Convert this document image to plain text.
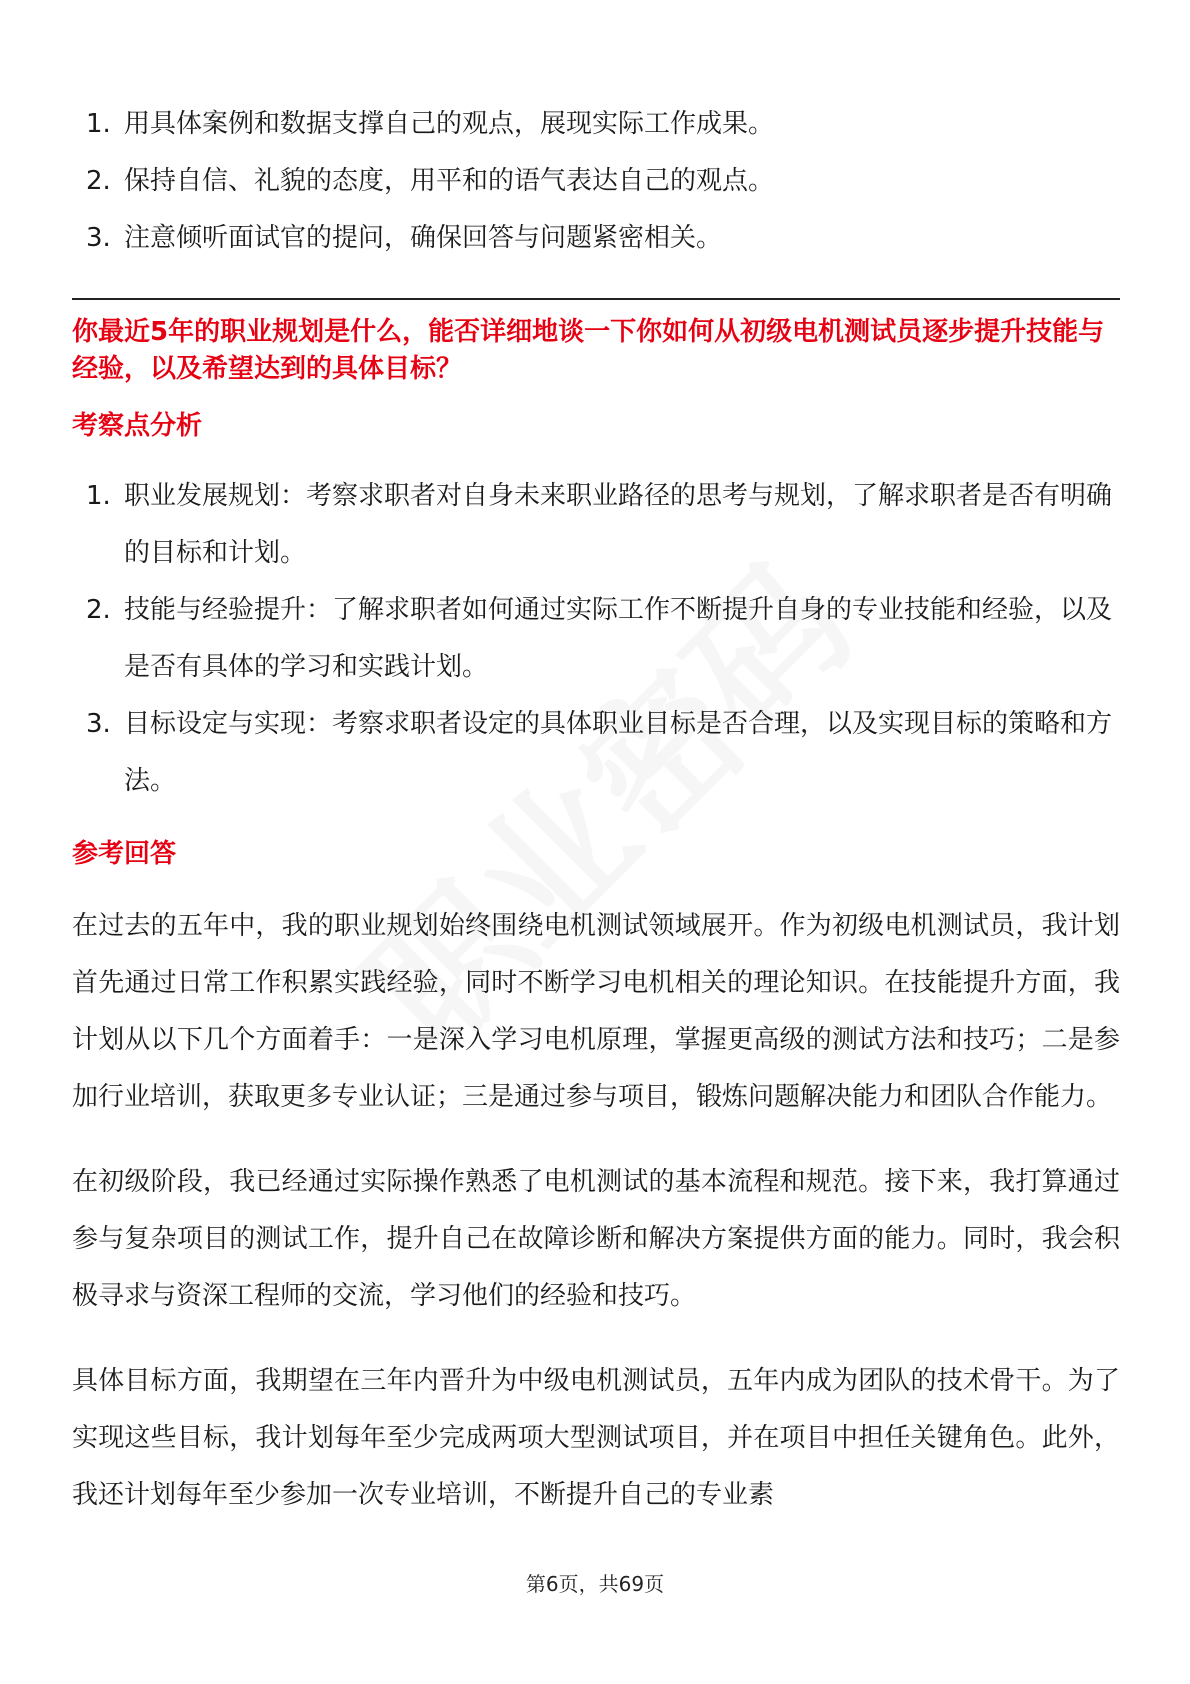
1. 用具体案例和数据支撑自己的观点，展现实际工作成果。
2. 保持自信、礼貌的态度，用平和的语气表达自己的观点。
3. 注意倾听面试官的提问，确保回答与问题紧密相关。

你最近5年的职业规划是什么，能否详细地谈一下你如何从初级电机测试员逐步提升技能与经验，以及希望达到的具体目标？

考察点分析
1. 职业发展规划：考察求职者对自身未来职业路径的思考与规划，了解求职者是否有明确的目标和计划。
2. 技能与经验提升：了解求职者如何通过实际工作不断提升自身的专业技能和经验，以及是否有具体的学习和实践计划。
3. 目标设定与实现：考察求职者设定的具体职业目标是否合理，以及实现目标的策略和方法。
参考回答

在过去的五年中，我的职业规划始终围绕电机测试领域展开。作为初级电机测试员，我计划首先通过日常工作积累实践经验，同时不断学习电机相关的理论知识。在技能提升方面，我计划从以下几个方面着手：一是深入学习电机原理，掌握更高级的测试方法和技巧；二是参加行业培训，获取更多专业认证；三是通过参与项目，锻炼问题解决能力和团队合作能力。

在初级阶段，我已经通过实际操作熟悉了电机测试的基本流程和规范。接下来，我打算通过参与复杂项目的测试工作，提升自己在故障诊断和解决方案提供方面的能力。同时，我会积极寻求与资深工程师的交流，学习他们的经验和技巧。

具体目标方面，我期望在三年内晋升为中级电机测试员，五年内成为团队的技术骨干。为了实现这些目标，我计划每年至少完成两项大型测试项目，并在项目中担任关键角色。此外，我还计划每年至少参加一次专业培训，不断提升自己的专业素

第6页，共69页
